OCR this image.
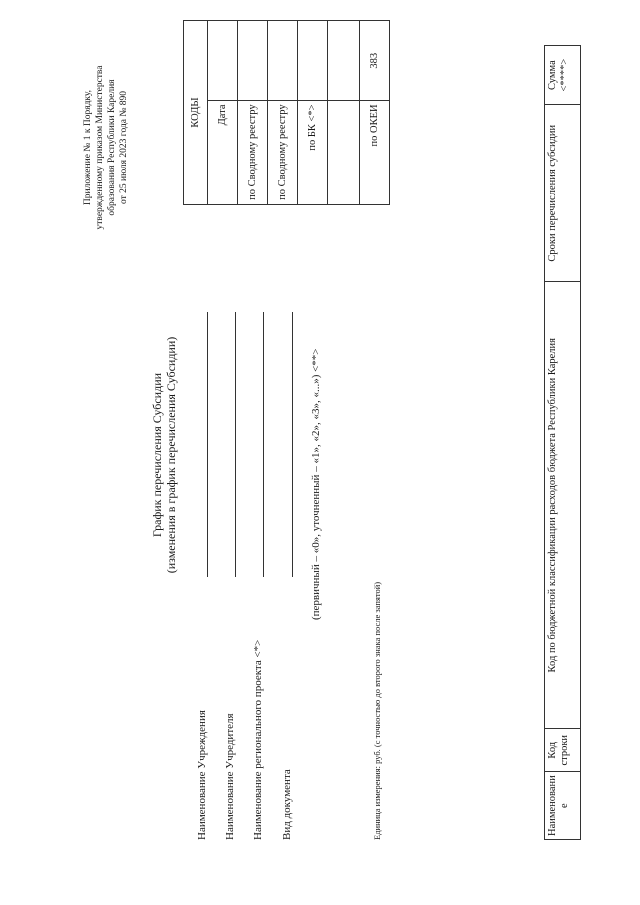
Приложение № 1 к Порядку, утвержденному приказом Министерства образования Республики Карелия от 25 июля 2023 года № 890
График перечисления Субсидии (изменения в график перечисления Субсидии)
Наименование Учреждения Наименование Учредителя Наименование регионального проекта <*> Вид документа
(первичный – «0», уточненный – «1», «2», «3», «...») <**>
Единица измерения: руб. (с точностью до второго знака после запятой)
КОДЫ	
Дата	
по Сводному реестру	
по Сводному реестру	
по БК <*>	

по ОКЕИ	383
Наименовани е	Код строки	Код по бюджетной классификации расходов бюджета Республики Карелия	Сроки перечисления субсидии	Сумма <****>
